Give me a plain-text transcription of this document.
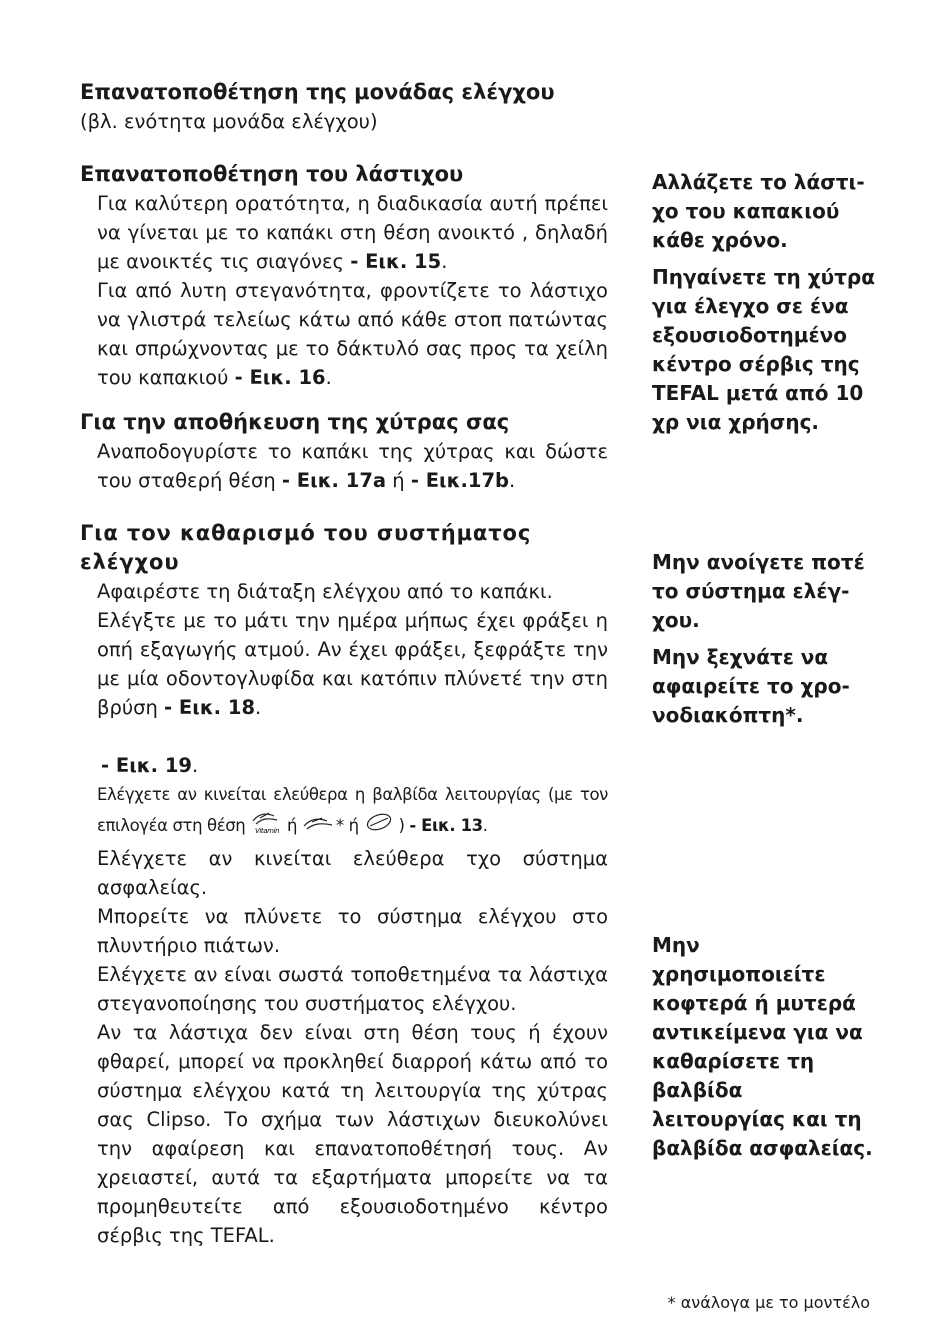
Επανατοποθέτηση της μονάδας ελέγχου

(βλ. ενότητα μονάδα ελέγχου)

Επανατοποθέτηση του λάστιχου

Για καλύτερη ορατότητα, η διαδικασία αυτή πρέπει να γίνεται με το καπάκι στη θέση ανοικτό , δηλαδή με ανοικτές τις σιαγόνες - Εικ. 15.

Για από λυτη στεγανότητα, φροντίζετε το λάστιχο να γλιστρά τελείως κάτω από κάθε στοπ πατώντας και σπρώχνοντας με το δάκτυλό σας προς τα χείλη του καπακιού - Εικ. 16.

Για την αποθήκευση της χύτρας σας

Αναποδογυρίστε το καπάκι της χύτρας και δώστε του σταθερή θέση - Εικ. 17a ή - Εικ.17b.

Για τον καθαρισμό του συστήματος ελέγχου

Αφαιρέστε τη διάταξη ελέγχου από το καπάκι.

Ελέγξτε με το μάτι την ημέρα μήπως έχει φράξει η οπή εξαγωγής ατμού. Αν έχει φράξει, ξεφράξτε την με μία οδοντογλυφίδα και κατόπιν πλύνετέ την στη βρύση - Εικ. 18.

- Εικ. 19.

Ελέγχετε αν κινείται ελεύθερα η βαλβίδα λειτουργίας (με τον επιλογέα στη θέση Vitamin ή * ή ) - Εικ. 13.

Ελέγχετε αν κινείται ελεύθερα τχο σύστημα ασφαλείας.

Μπορείτε να πλύνετε το σύστημα ελέγχου στο πλυντήριο πιάτων.

Ελέγχετε αν είναι σωστά τοποθετημένα τα λάστιχα στεγανοποίησης του συστήματος ελέγχου.

Αν τα λάστιχα δεν είναι στη θέση τους ή έχουν φθαρεί, μπορεί να προκληθεί διαρροή κάτω από το σύστημα ελέγχου κατά τη λειτουργία της χύτρας σας Clipso. Το σχήμα των λάστιχων διευκολύνει την αφαίρεση και επανατοποθέτησή τους. Αν χρειαστεί, αυτά τα εξαρτήματα μπορείτε να τα προμηθευτείτε από εξουσιοδοτημένο κέντρο σέρβις της TEFAL.

Αλλάζετε το λάστι- χο του καπακιού κάθε χρόνο.

Πηγαίνετε τη χύτρα για έλεγχο σε ένα εξουσιοδοτημένο κέντρο σέρβις της TEFAL μετά από 10 χρ νια χρήσης.

Μην ανοίγετε ποτέ το σύστημα ελέγ- χου.

Μην ξεχνάτε να αφαιρείτε το χρο- νοδιακόπτη*.

Μην χρησιμοποιείτε κοφτερά ή μυτερά αντικείμενα για να καθαρίσετε τη βαλβίδα λειτουργίας και τη βαλβίδα ασφαλείας.

* ανάλογα με το μοντέλο
